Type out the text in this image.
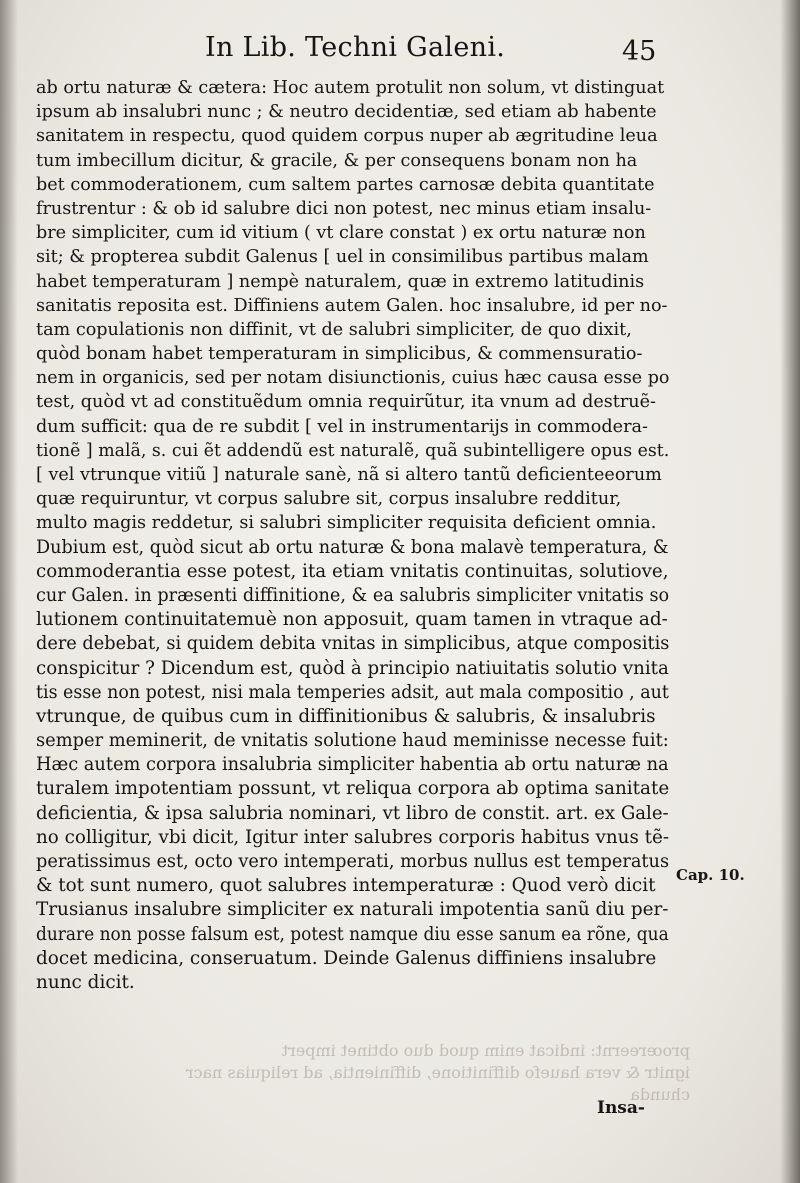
In Lib. Techni Galeni.	45
ab ortu naturæ & cætera: Hoc autem protulit non solum, vt distinguat
ipsum ab insalubri nunc ; & neutro decidentiæ, sed etiam ab habente
sanitatem in respectu, quod quidem corpus nuper ab ægritudine leua
tum imbecillum dicitur, & gracile, & per consequens bonam non ha
bet commoderationem, cum saltem partes carnosæ debita quantitate
frustrentur : & ob id salubre dici non potest, nec minus etiam insalu-
bre simpliciter, cum id vitium ( vt clare constat ) ex ortu naturæ non
sit; & propterea subdit Galenus [ uel in consimilibus partibus malam
habet temperaturam ] nempè naturalem, quæ in extremo latitudinis
sanitatis reposita est. Diffiniens autem Galen. hoc insalubre, id per no-
tam copulationis non diffinit, vt de salubri simpliciter, de quo dixit,
quòd bonam habet temperaturam in simplicibus, & commensuratio-
nem in organicis, sed per notam disiunctionis, cuius hæc causa esse po
test, quòd vt ad constituẽdum omnia requirũtur, ita vnum ad destruẽ-
dum sufficit: qua de re subdit [ vel in instrumentarijs in commodera-
tionẽ ] malã, s. cui ẽt addendũ est naturalẽ, quã subintelligere opus est.
[ vel vtrunque vitiũ ] naturale sanè, nã si altero tantũ deficienteeorum
quæ requiruntur, vt corpus salubre sit, corpus insalubre redditur,
multo magis reddetur, si salubri simpliciter requisita deficient omnia.
Dubium est, quòd sicut ab ortu naturæ & bona malavè temperatura, &
commoderantia esse potest, ita etiam vnitatis continuitas, solutiove,
cur Galen. in præsenti diffinitione, & ea salubris simpliciter vnitatis so
lutionem continuitatemuè non apposuit, quam tamen in vtraque ad-
dere debebat, si quidem debita vnitas in simplicibus, atque compositis
conspicitur ? Dicendum est, quòd à principio natiuitatis solutio vnita
tis esse non potest, nisi mala temperies adsit, aut mala compositio , aut
vtrunque, de quibus cum in diffinitionibus & salubris, & insalubris
semper meminerit, de vnitatis solutione haud meminisse necesse fuit:
Hæc autem corpora insalubria simpliciter habentia ab ortu naturæ na
turalem impotentiam possunt, vt reliqua corpora ab optima sanitate
deficientia, & ipsa salubria nominari, vt libro de constit. art. ex Gale-
no colligitur, vbi dicit, Igitur inter salubres corporis habitus vnus tẽ-
peratissimus est, octo vero intemperati, morbus nullus est temperatus
& tot sunt numero, quot salubres intemperaturæ : Quod verò dicit
Trusianus insalubre simpliciter ex naturali impotentia sanũ diu per-
durare non posse falsum est, potest namque diu esse sanum ea rõne, qua
docet medicina, conseruatum. Deinde Galenus diffiniens insalubre
nunc dicit.
Cap. 10.
proœreernt: indicat enim quod duo obtinet impert
ignitr & vera hauefo diffinitione, diffinientia, ad reliquias nacr
chunda
Insa-
